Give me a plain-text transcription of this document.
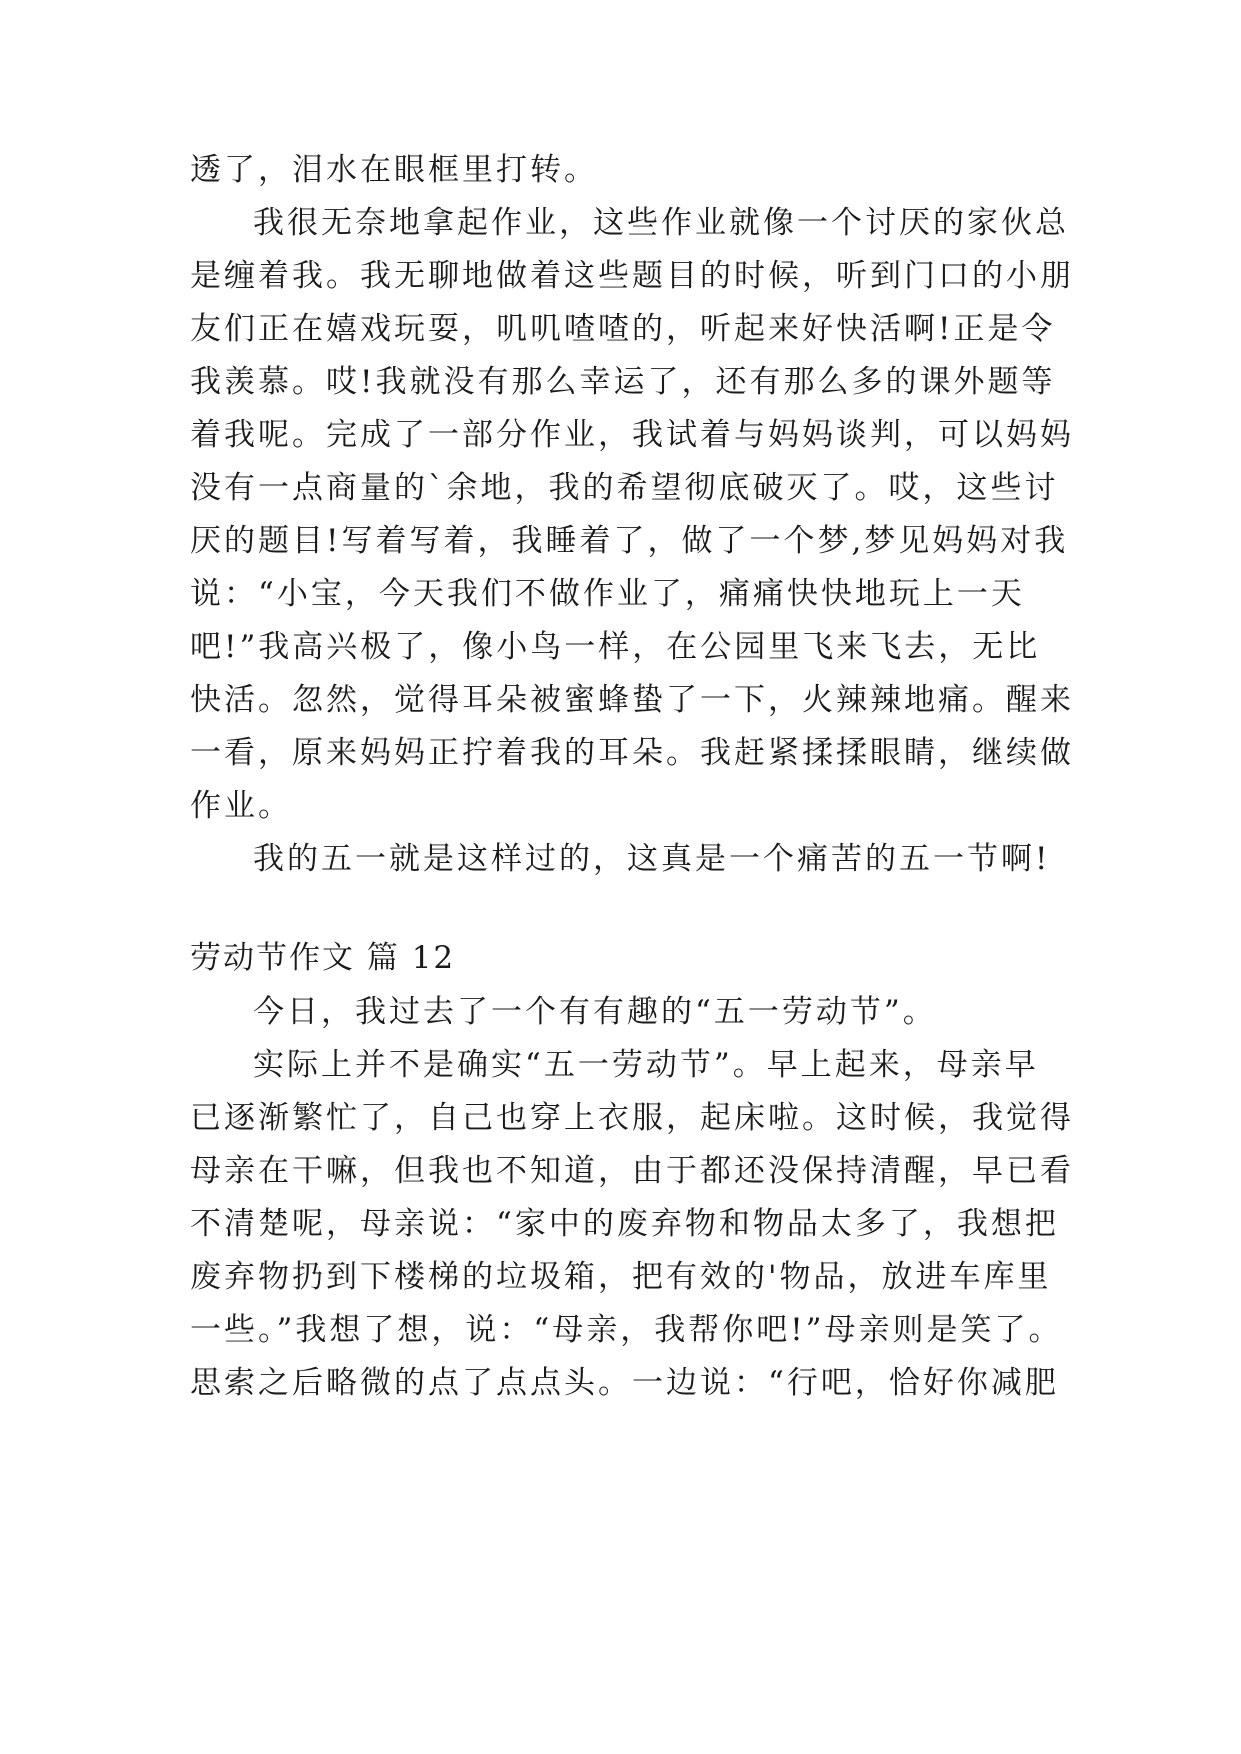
透了，泪水在眼框里打转。
我很无奈地拿起作业，这些作业就像一个讨厌的家伙总
是缠着我。我无聊地做着这些题目的时候，听到门口的小朋
友们正在嬉戏玩耍，叽叽喳喳的，听起来好快活啊!正是令
我羡慕。哎!我就没有那么幸运了，还有那么多的课外题等
着我呢。完成了一部分作业，我试着与妈妈谈判，可以妈妈
没有一点商量的`余地，我的希望彻底破灭了。哎，这些讨
厌的题目!写着写着，我睡着了，做了一个梦,梦见妈妈对我
说：“小宝，今天我们不做作业了，痛痛快快地玩上一天
吧!”我高兴极了，像小鸟一样，在公园里飞来飞去，无比
快活。忽然，觉得耳朵被蜜蜂蛰了一下，火辣辣地痛。醒来
一看，原来妈妈正拧着我的耳朵。我赶紧揉揉眼睛，继续做
作业。
我的五一就是这样过的，这真是一个痛苦的五一节啊!
劳动节作文 篇 12
今日，我过去了一个有有趣的“五一劳动节”。
实际上并不是确实“五一劳动节”。早上起来，母亲早
已逐渐繁忙了，自己也穿上衣服，起床啦。这时候，我觉得
母亲在干嘛，但我也不知道，由于都还没保持清醒，早已看
不清楚呢，母亲说：“家中的废弃物和物品太多了，我想把
废弃物扔到下楼梯的垃圾箱，把有效的'物品，放进车库里
一些。”我想了想，说：“母亲，我帮你吧!”母亲则是笑了。
思索之后略微的点了点点头。一边说：“行吧，恰好你减肥
